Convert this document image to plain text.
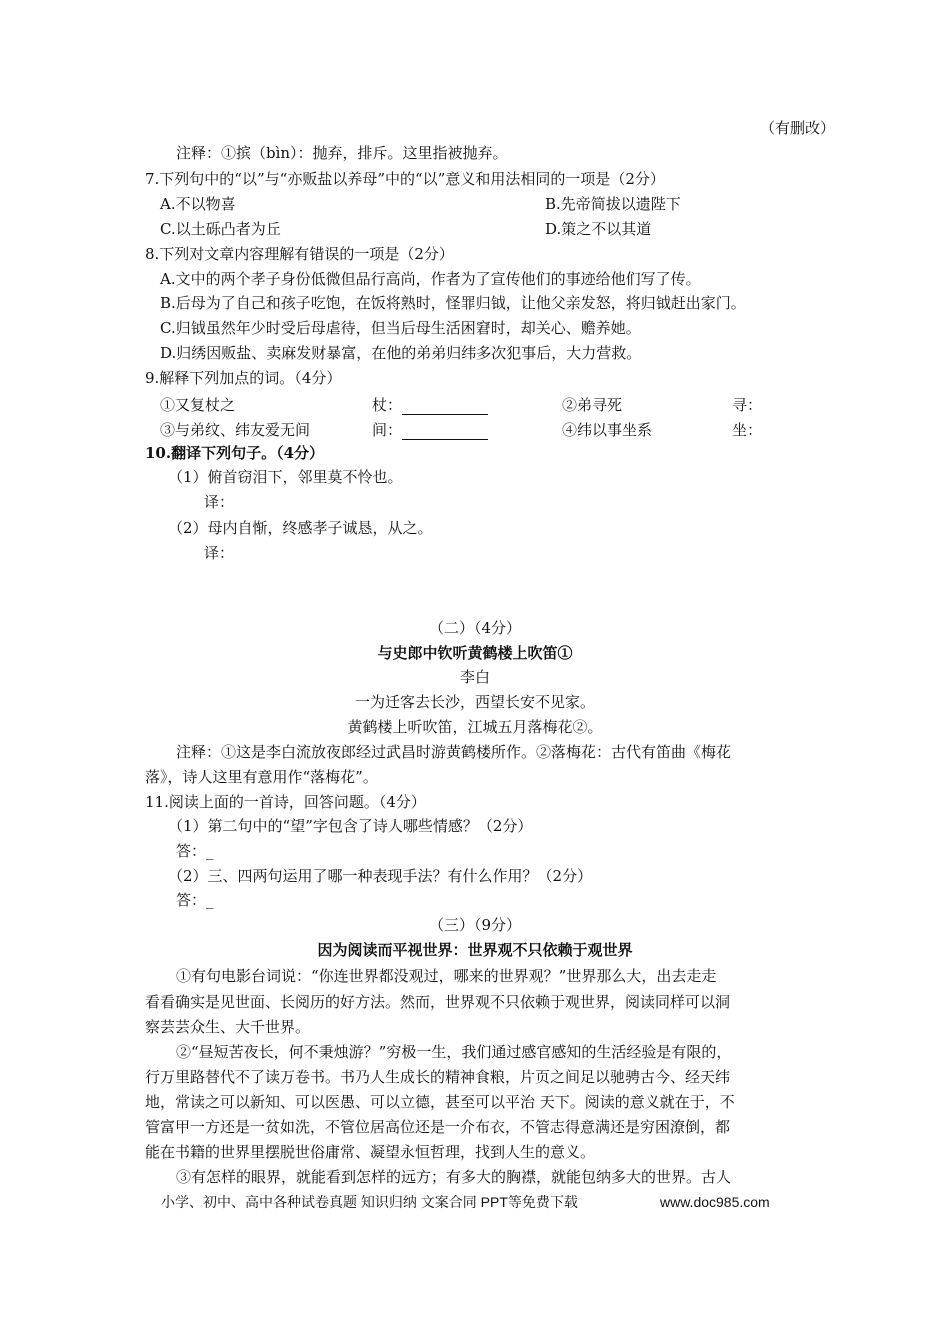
（有删改）
注释：①摈（bìn）：抛弃，排斥。这里指被抛弃。
7.下列句中的“以”与“亦贩盐以养母”中的“以”意义和用法相同的一项是（2分）
A.不以物喜	B.先帝简拔以遗陛下
C.以土砾凸者为丘	D.策之不以其道
8.下列对文章内容理解有错误的一项是（2分）
A.文中的两个孝子身份低微但品行高尚，作者为了宣传他们的事迹给他们写了传。
B.后母为了自己和孩子吃饱，在饭将熟时，怪罪归钺，让他父亲发怒，将归钺赶出家门。
C.归钺虽然年少时受后母虐待，但当后母生活困窘时，却关心、赡养她。
D.归绣因贩盐、卖麻发财暴富，在他的弟弟归纬多次犯事后，大力营救。
9.解释下列加点的词。（4分）
①又复杖之	杖：	②弟寻死	寻：
③与弟纹、纬友爱无间	间：	④纬以事坐系	坐：
10.翻译下列句子。（4分）
（1）俯首窃泪下，邻里莫不怜也。
译：
（2）母内自惭，终感孝子诚恳，从之。
译：
（二）（4分）
与史郎中钦听黄鹤楼上吹笛①
李白
一为迁客去长沙，西望长安不见家。
黄鹤楼上听吹笛，江城五月落梅花②。
注释：①这是李白流放夜郎经过武昌时游黄鹤楼所作。②落梅花：古代有笛曲《梅花
落》，诗人这里有意用作“落梅花”。
11.阅读上面的一首诗，回答问题。（4分）
（1）第二句中的“望”字包含了诗人哪些情感？（2分）
答：_
（2）三、四两句运用了哪一种表现手法？有什么作用？（2分）
答：_
（三）（9分）
因为阅读而平视世界：世界观不只依赖于观世界
①有句电影台词说：“你连世界都没观过，哪来的世界观？”世界那么大，出去走走
看看确实是见世面、长阅历的好方法。然而，世界观不只依赖于观世界，阅读同样可以洞
察芸芸众生、大千世界。
②“昼短苦夜长，何不秉烛游？”穷极一生，我们通过感官感知的生活经验是有限的，
行万里路替代不了读万卷书。书乃人生成长的精神食粮，片页之间足以驰骋古今、经天纬
地，常读之可以新知、可以医愚、可以立德，甚至可以平治 天下。阅读的意义就在于，不
管富甲一方还是一贫如洗，不管位居高位还是一介布衣，不管志得意满还是穷困潦倒，都
能在书籍的世界里摆脱世俗庸常、凝望永恒哲理，找到人生的意义。
③有怎样的眼界，就能看到怎样的远方；有多大的胸襟，就能包纳多大的世界。古人
小学、初中、高中各种试卷真题 知识归纳 文案合同 PPT等免费下载	www.doc985.com
